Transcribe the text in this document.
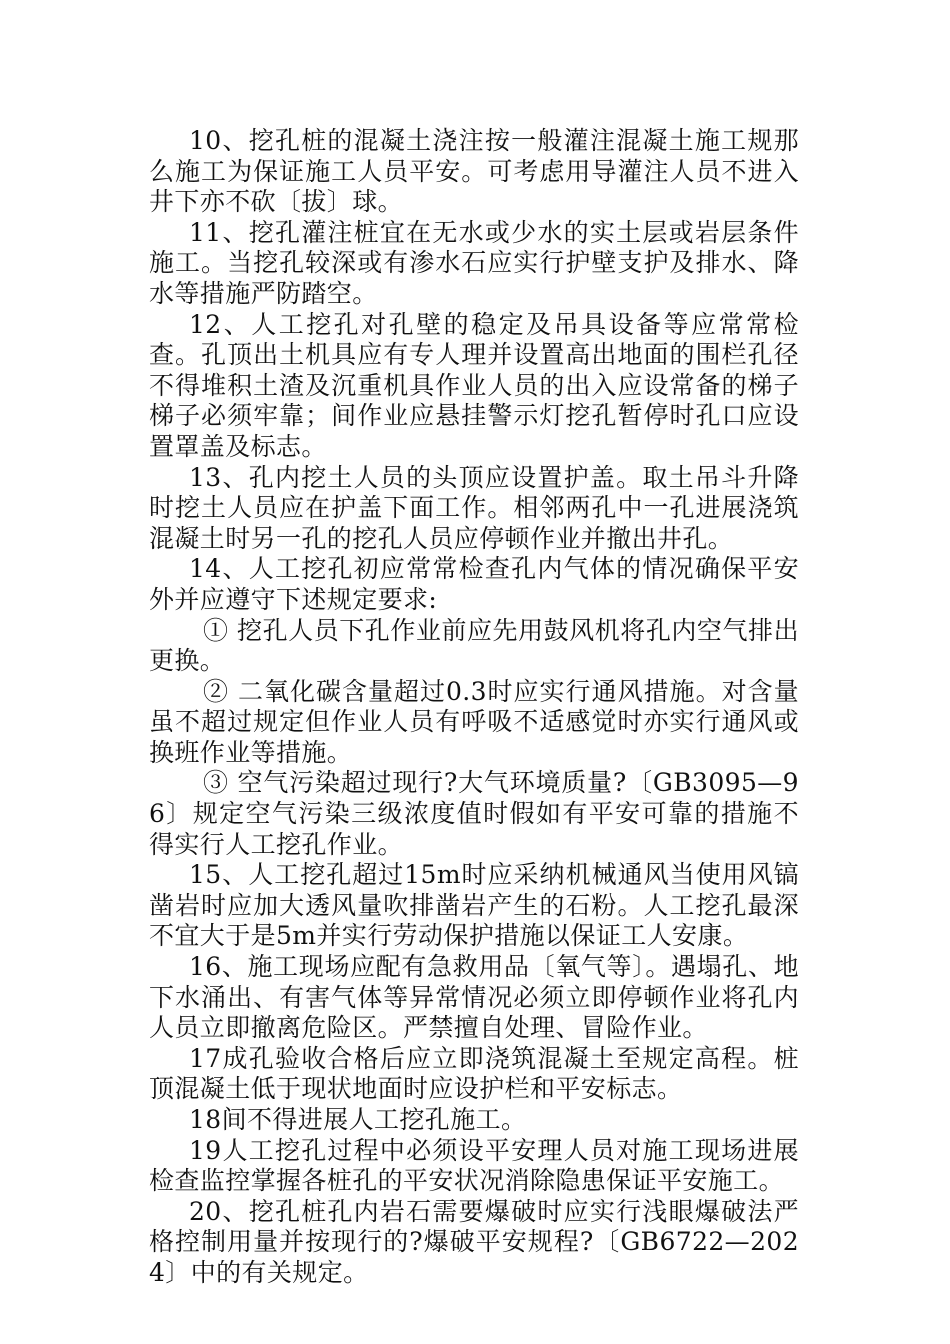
10、挖孔桩的混凝土浇注按一般灌注混凝土施工规那么施工为保证施工人员平安。可考虑用导灌注人员不进入井下亦不砍〔拔〕球。

11、挖孔灌注桩宜在无水或少水的实土层或岩层条件施工。当挖孔较深或有渗水石应实行护壁支护及排水、降水等措施严防踏空。

12、人工挖孔对孔壁的稳定及吊具设备等应常常检查。孔顶出土机具应有专人理并设置高出地面的围栏孔径不得堆积土渣及沉重机具作业人员的出入应设常备的梯子梯子必须牢靠；间作业应悬挂警示灯挖孔暂停时孔口应设置罩盖及标志。

13、孔内挖土人员的头顶应设置护盖。取土吊斗升降时挖土人员应在护盖下面工作。相邻两孔中一孔进展浇筑混凝土时另一孔的挖孔人员应停顿作业并撤出井孔。

14、人工挖孔初应常常检查孔内气体的情况确保平安外并应遵守下述规定要求:

① 挖孔人员下孔作业前应先用鼓风机将孔内空气排出更换。

② 二氧化碳含量超过0.3时应实行通风措施。对含量虽不超过规定但作业人员有呼吸不适感觉时亦实行通风或换班作业等措施。

③ 空气污染超过现行?大气环境质量?〔GB3095—96〕规定空气污染三级浓度值时假如有平安可靠的措施不得实行人工挖孔作业。

15、人工挖孔超过15m时应采纳机械通风当使用风镐凿岩时应加大透风量吹排凿岩产生的石粉。人工挖孔最深不宜大于是5m并实行劳动保护措施以保证工人安康。

16、施工现场应配有急救用品〔氧气等〕。遇塌孔、地下水涌出、有害气体等异常情况必须立即停顿作业将孔内人员立即撤离危险区。严禁擅自处理、冒险作业。

17成孔验收合格后应立即浇筑混凝土至规定高程。桩顶混凝土低于现状地面时应设护栏和平安标志。

18间不得进展人工挖孔施工。

19人工挖孔过程中必须设平安理人员对施工现场进展检查监控掌握各桩孔的平安状况消除隐患保证平安施工。

20、挖孔桩孔内岩石需要爆破时应实行浅眼爆破法严格控制用量并按现行的?爆破平安规程?〔GB6722—2024〕中的有关规定。
